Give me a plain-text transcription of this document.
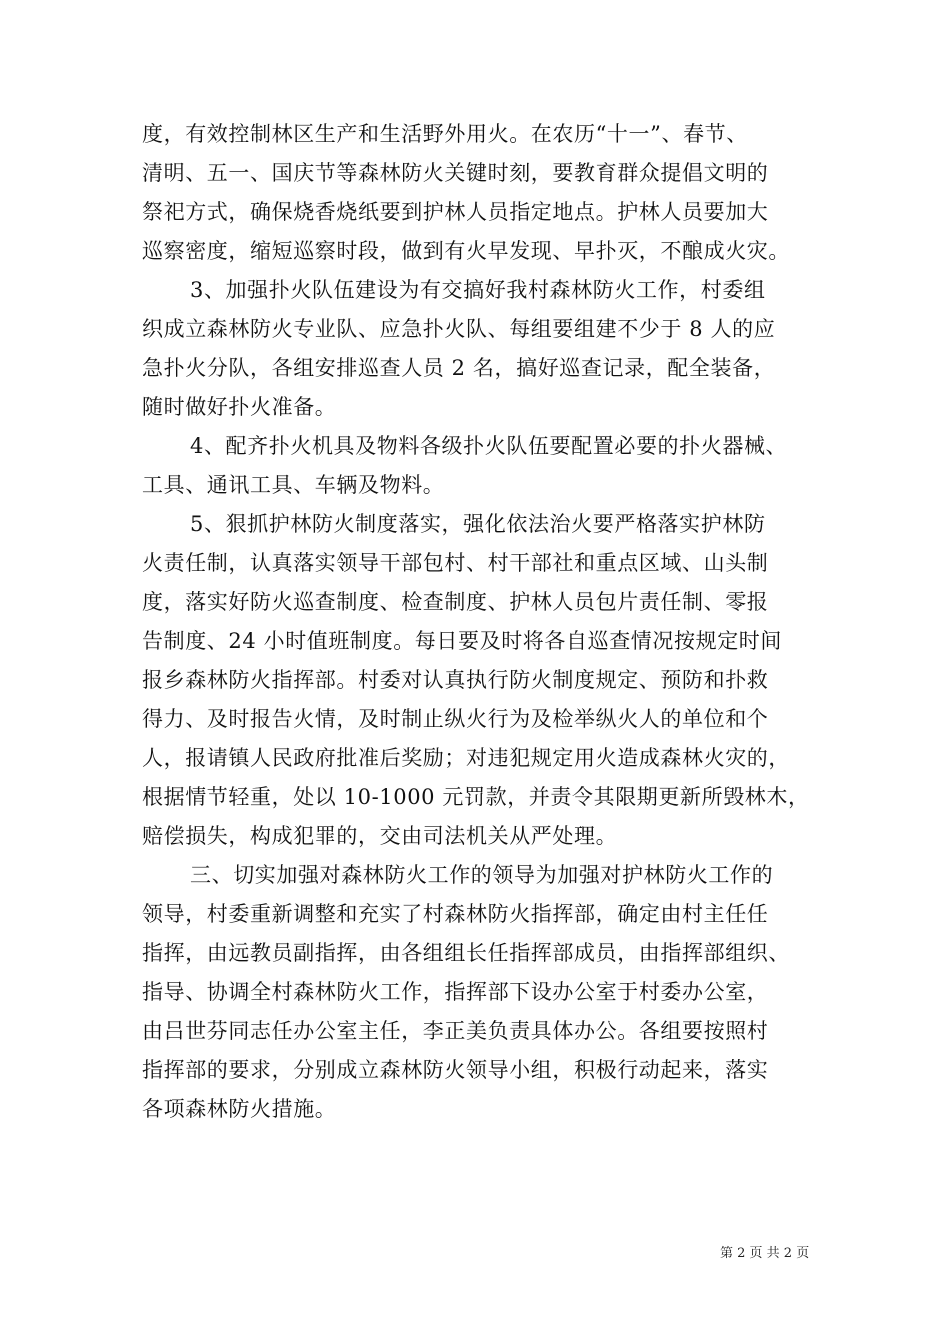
度，有效控制林区生产和生活野外用火。在农历“十一”、春节、
清明、五一、国庆节等森林防火关键时刻，要教育群众提倡文明的
祭祀方式，确保烧香烧纸要到护林人员指定地点。护林人员要加大
巡察密度，缩短巡察时段，做到有火早发现、早扑灭，不酿成火灾。
3、加强扑火队伍建设为有交搞好我村森林防火工作，村委组
织成立森林防火专业队、应急扑火队、每组要组建不少于 8 人的应
急扑火分队，各组安排巡查人员 2 名，搞好巡查记录，配全装备，
随时做好扑火准备。
4、配齐扑火机具及物料各级扑火队伍要配置必要的扑火器械、
工具、通讯工具、车辆及物料。
5、狠抓护林防火制度落实，强化依法治火要严格落实护林防
火责任制，认真落实领导干部包村、村干部社和重点区域、山头制
度，落实好防火巡查制度、检查制度、护林人员包片责任制、零报
告制度、24 小时值班制度。每日要及时将各自巡查情况按规定时间
报乡森林防火指挥部。村委对认真执行防火制度规定、预防和扑救
得力、及时报告火情，及时制止纵火行为及检举纵火人的单位和个
人，报请镇人民政府批准后奖励；对违犯规定用火造成森林火灾的，
根据情节轻重，处以 10-1000 元罚款，并责令其限期更新所毁林木，
赔偿损失，构成犯罪的，交由司法机关从严处理。
三、切实加强对森林防火工作的领导为加强对护林防火工作的
领导，村委重新调整和充实了村森林防火指挥部，确定由村主任任
指挥，由远教员副指挥，由各组组长任指挥部成员，由指挥部组织、
指导、协调全村森林防火工作，指挥部下设办公室于村委办公室，
由吕世芬同志任办公室主任，李正美负责具体办公。各组要按照村
指挥部的要求，分别成立森林防火领导小组，积极行动起来，落实
各项森林防火措施。
第 2 页 共 2 页
